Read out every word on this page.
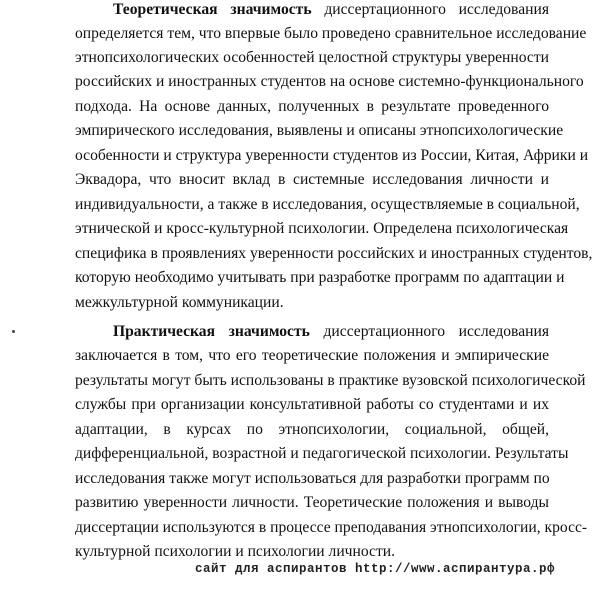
Теоретическая значимость диссертационного исследования
определяется тем, что впервые было проведено сравнительное исследование
этнопсихологических особенностей целостной структуры уверенности
российских и иностранных студентов на основе системно-функционального
подхода. На основе данных, полученных в результате проведенного
эмпирического исследования, выявлены и описаны этнопсихологические
особенности и структура уверенности студентов из России, Китая, Африки и
Эквадора, что вносит вклад в системные исследования личности и
индивидуальности, а также в исследования, осуществляемые в социальной,
этнической и кросс-культурной психологии. Определена психологическая
специфика в проявлениях уверенности российских и иностранных студентов,
которую необходимо учитывать при разработке программ по адаптации и
межкультурной коммуникации.
Практическая значимость диссертационного исследования
заключается в том, что его теоретические положения и эмпирические
результаты могут быть использованы в практике вузовской психологической
службы при организации консультативной работы со студентами и их
адаптации, в курсах по этнопсихологии, социальной, общей,
дифференциальной, возрастной и педагогической психологии. Результаты
исследования также могут использоваться для разработки программ по
развитию уверенности личности. Теоретические положения и выводы
диссертации используются в процессе преподавания этнопсихологии, кросс-
культурной психологии и психологии личности.
сайт для аспирантов http://www.аспирантура.рф
